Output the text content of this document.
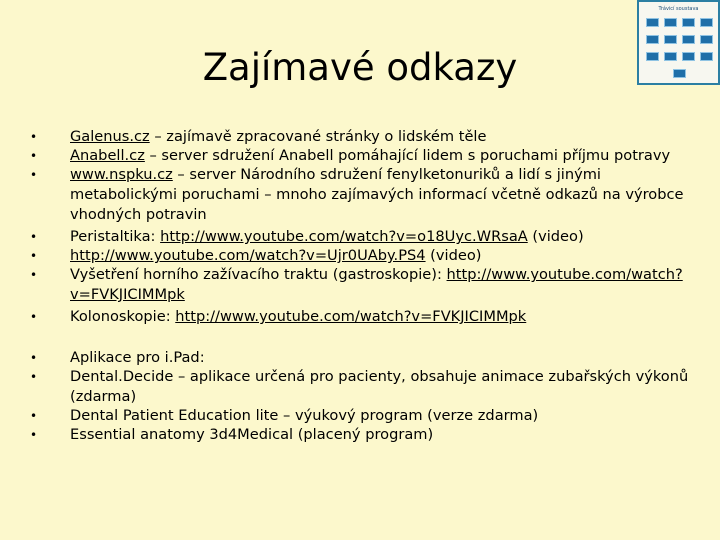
Zajímavé odkazy
Trávicí soustava
• Galenus.cz – zajímavě zpracované stránky o lidském těle
• Anabell.cz – server sdružení Anabell pomáhající lidem s poruchami příjmu potravy
• www.nspku.cz – server Národního sdružení fenylketonuriků a lidí s jinými metabolickými poruchami – mnoho zajímavých informací včetně odkazů na výrobce vhodných potravin
• Peristaltika: http://www.youtube.com/watch?v=o18Uyc.WRsaA (video)
• http://www.youtube.com/watch?v=Ujr0UAby.PS4 (video)
• Vyšetření horního zažívacího traktu (gastroskopie): http://www.youtube.com/watch?v=FVKJICIMMpk
• Kolonoskopie: http://www.youtube.com/watch?v=FVKJICIMMpk
• Aplikace pro i.Pad:
• Dental.Decide – aplikace určená pro pacienty, obsahuje animace zubařských výkonů (zdarma)
• Dental Patient Education lite – výukový program (verze zdarma)
• Essential anatomy 3d4Medical (placený program)
